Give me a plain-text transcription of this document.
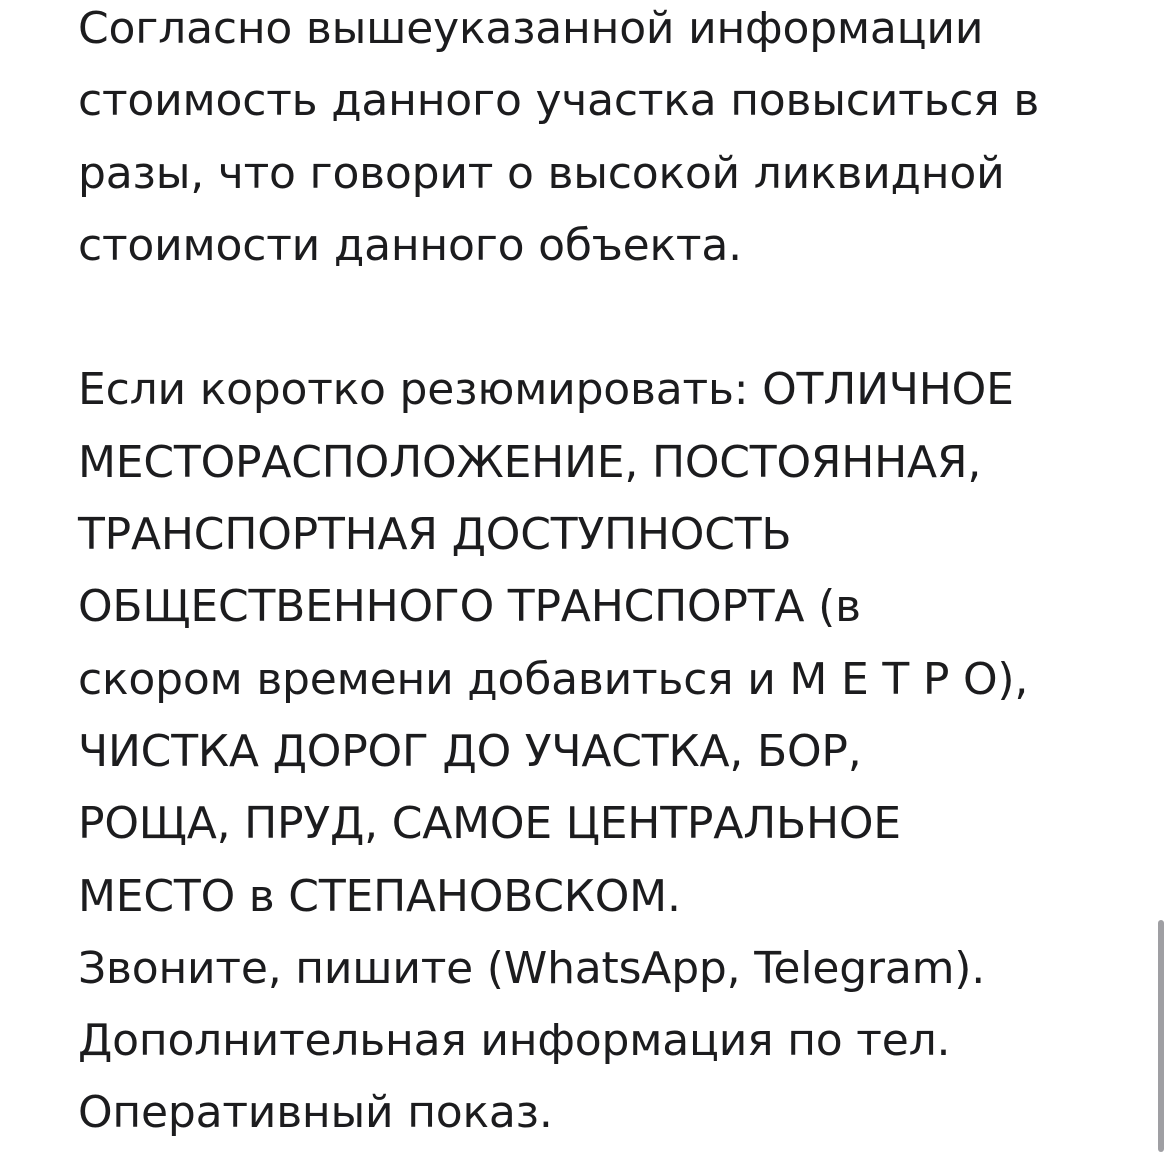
Согласно вышеуказанной информации
стоимость данного участка повыситься в
разы, что говорит о высокой ликвидной
стоимости данного объекта.
Если коротко резюмировать: ОТЛИЧНОЕ
МЕСТОРАСПОЛОЖЕНИЕ, ПОСТОЯННАЯ,
ТРАНСПОРТНАЯ ДОСТУПНОСТЬ
ОБЩЕСТВЕННОГО ТРАНСПОРТА (в
скором времени добавиться и М Е Т Р О),
ЧИСТКА ДОРОГ ДО УЧАСТКА, БОР,
РОЩА, ПРУД, САМОЕ ЦЕНТРАЛЬНОЕ
МЕСТО в СТЕПАНОВСКОМ.
Звоните, пишите (WhatsApp, Telegram).
Дополнительная информация по тел.
Оперативный показ.
